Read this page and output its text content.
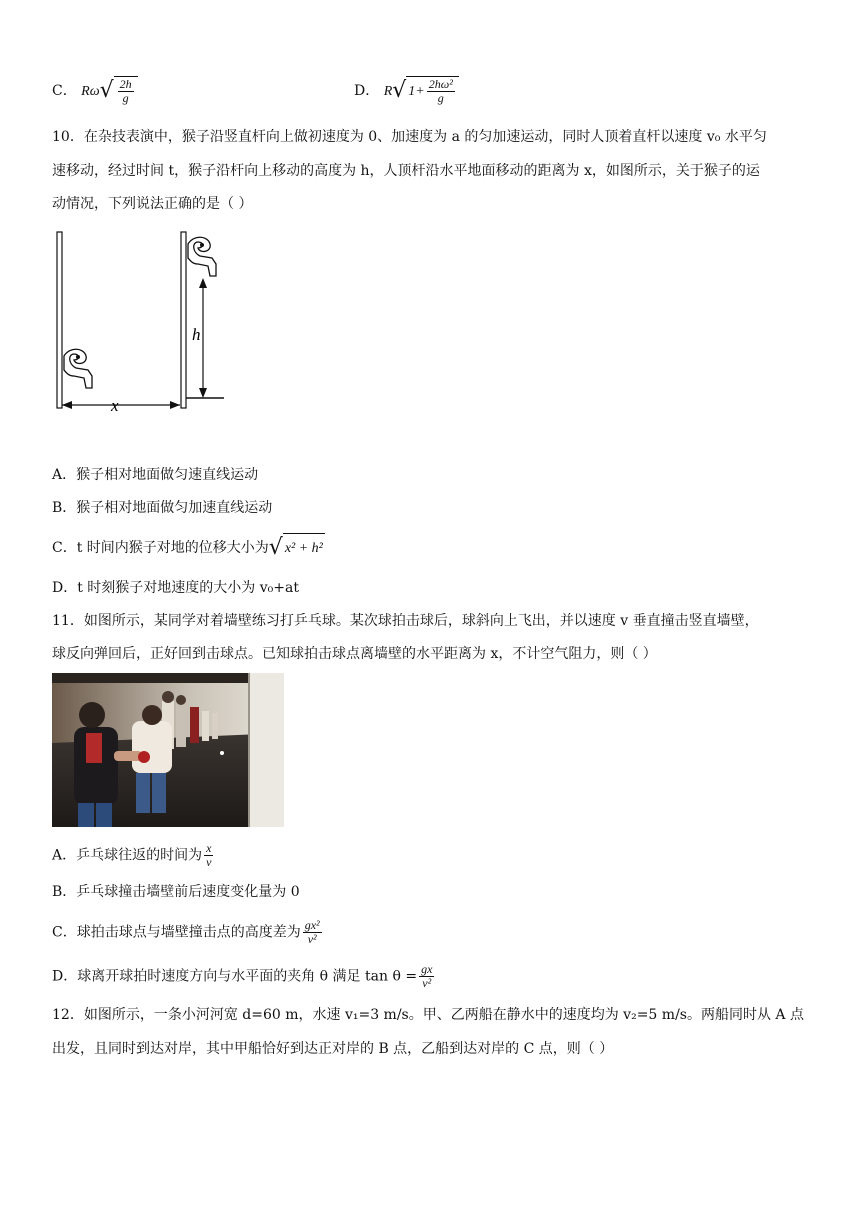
C． Rω √ $\frac{2h}{g}$	D． R √ $1+ \frac{\text{2hω²}}{g}$
10．在杂技表演中，猴子沿竖直杆向上做初速度为 0、加速度为 a 的匀加速运动，同时人顶着直杆以速度 v₀ 水平匀
速移动，经过时间 t，猴子沿杆向上移动的高度为 h，人顶杆沿水平地面移动的距离为 x，如图所示，关于猴子的运
动情况，下列说法正确的是（ ）
h
x
A．猴子相对地面做匀速直线运动
B．猴子相对地面做匀加速直线运动
C．t 时间内猴子对地的位移大小为 √ x² + h²
D．t 时刻猴子对地速度的大小为 v₀+at
11．如图所示，某同学对着墙壁练习打乒乓球。某次球拍击球后，球斜向上飞出，并以速度 v 垂直撞击竖直墙壁，
球反向弹回后，正好回到击球点。已知球拍击球点离墙壁的水平距离为 x，不计空气阻力，则（ ）
A．乒乓球往返的时间为 $\frac{x}{v}$
B．乒乓球撞击墙壁前后速度变化量为 0
C．球拍击球点与墙壁撞击点的高度差为 $\frac{\text{gx²}}{\text{v²}}$
D．球离开球拍时速度方向与水平面的夹角 θ 满足 $\tan \theta = \frac{gx}{\text{v²}}$
12．如图所示，一条小河河宽 d=60 m，水速 v₁=3 m/s。甲、乙两船在静水中的速度均为 v₂=5 m/s。两船同时从 A 点
出发，且同时到达对岸，其中甲船恰好到达正对岸的 B 点，乙船到达对岸的 C 点，则（ ）
